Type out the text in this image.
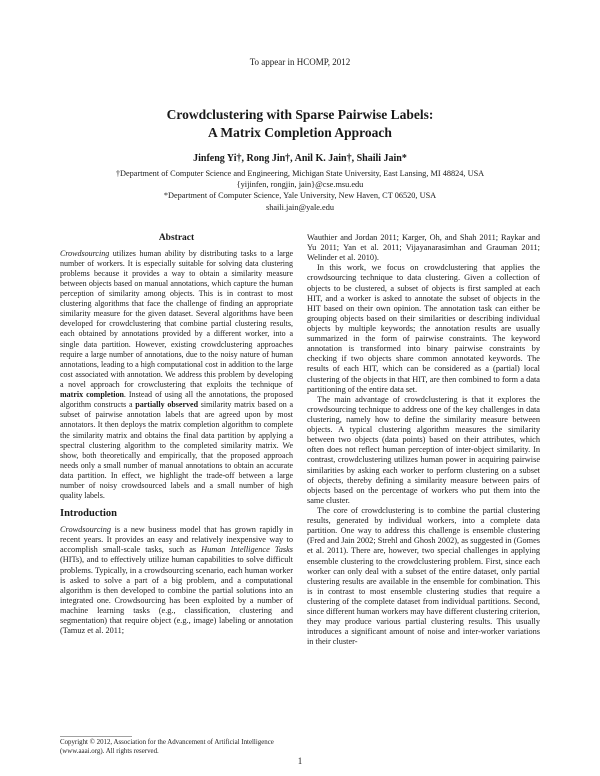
To appear in HCOMP, 2012
Crowdclustering with Sparse Pairwise Labels:
A Matrix Completion Approach
Jinfeng Yi†, Rong Jin†, Anil K. Jain†, Shaili Jain*
†Department of Computer Science and Engineering, Michigan State University, East Lansing, MI 48824, USA
{yijinfen, rongjin, jain}@cse.msu.edu
*Department of Computer Science, Yale University, New Haven, CT 06520, USA
shaili.jain@yale.edu
Abstract

Crowdsourcing utilizes human ability by distributing tasks to a large number of workers. It is especially suitable for solving data clustering problems because it provides a way to obtain a similarity measure between objects based on manual annotations, which capture the human perception of similarity among objects. This is in contrast to most clustering algorithms that face the challenge of finding an appropriate similarity measure for the given dataset. Several algorithms have been developed for crowdclustering that combine partial clustering results, each obtained by annotations provided by a different worker, into a single data partition. However, existing crowdclustering approaches require a large number of annotations, due to the noisy nature of human annotations, leading to a high computational cost in addition to the large cost associated with annotation. We address this problem by developing a novel approach for crowclustering that exploits the technique of matrix completion. Instead of using all the annotations, the proposed algorithm constructs a partially observed similarity matrix based on a subset of pairwise annotation labels that are agreed upon by most annotators. It then deploys the matrix completion algorithm to complete the similarity matrix and obtains the final data partition by applying a spectral clustering algorithm to the completed similarity matrix. We show, both theoretically and empirically, that the proposed approach needs only a small number of manual annotations to obtain an accurate data partition. In effect, we highlight the trade-off between a large number of noisy crowdsourced labels and a small number of high quality labels.

Introduction

Crowdsourcing is a new business model that has grown rapidly in recent years. It provides an easy and relatively inexpensive way to accomplish small-scale tasks, such as Human Intelligence Tasks (HITs), and to effectively utilize human capabilities to solve difficult problems. Typically, in a crowdsourcing scenario, each human worker is asked to solve a part of a big problem, and a computational algorithm is then developed to combine the partial solutions into an integrated one. Crowdsourcing has been exploited by a number of machine learning tasks (e.g., classification, clustering and segmentation) that require object (e.g., image) labeling or annotation (Tamuz et al. 2011;

Wauthier and Jordan 2011; Karger, Oh, and Shah 2011; Raykar and Yu 2011; Yan et al. 2011; Vijayanarasimhan and Grauman 2011; Welinder et al. 2010).

In this work, we focus on crowdclustering that applies the crowdsourcing technique to data clustering. Given a collection of objects to be clustered, a subset of objects is first sampled at each HIT, and a worker is asked to annotate the subset of objects in the HIT based on their own opinion. The annotation task can either be grouping objects based on their similarities or describing individual objects by multiple keywords; the annotation results are usually summarized in the form of pairwise constraints. The keyword annotation is transformed into binary pairwise constraints by checking if two objects share common annotated keywords. The results of each HIT, which can be considered as a (partial) local clustering of the objects in that HIT, are then combined to form a data partitioning of the entire data set.

The main advantage of crowdclustering is that it explores the crowdsourcing technique to address one of the key challenges in data clustering, namely how to define the similarity measure between objects. A typical clustering algorithm measures the similarity between two objects (data points) based on their attributes, which often does not reflect human perception of inter-object similarity. In contrast, crowdclustering utilizes human power in acquiring pairwise similarities by asking each worker to perform clustering on a subset of objects, thereby defining a similarity measure between pairs of objects based on the percentage of workers who put them into the same cluster.

The core of crowdclustering is to combine the partial clustering results, generated by individual workers, into a complete data partition. One way to address this challenge is ensemble clustering (Fred and Jain 2002; Strehl and Ghosh 2002), as suggested in (Gomes et al. 2011). There are, however, two special challenges in applying ensemble clustering to the crowdclustering problem. First, since each worker can only deal with a subset of the entire dataset, only partial clustering results are available in the ensemble for combination. This is in contrast to most ensemble clustering studies that require a clustering of the complete dataset from individual partitions. Second, since different human workers may have different clustering criterion, they may produce various partial clustering results. This usually introduces a significant amount of noise and inter-worker variations in their cluster-

Copyright © 2012, Association for the Advancement of Artificial Intelligence (www.aaai.org). All rights reserved.
1
